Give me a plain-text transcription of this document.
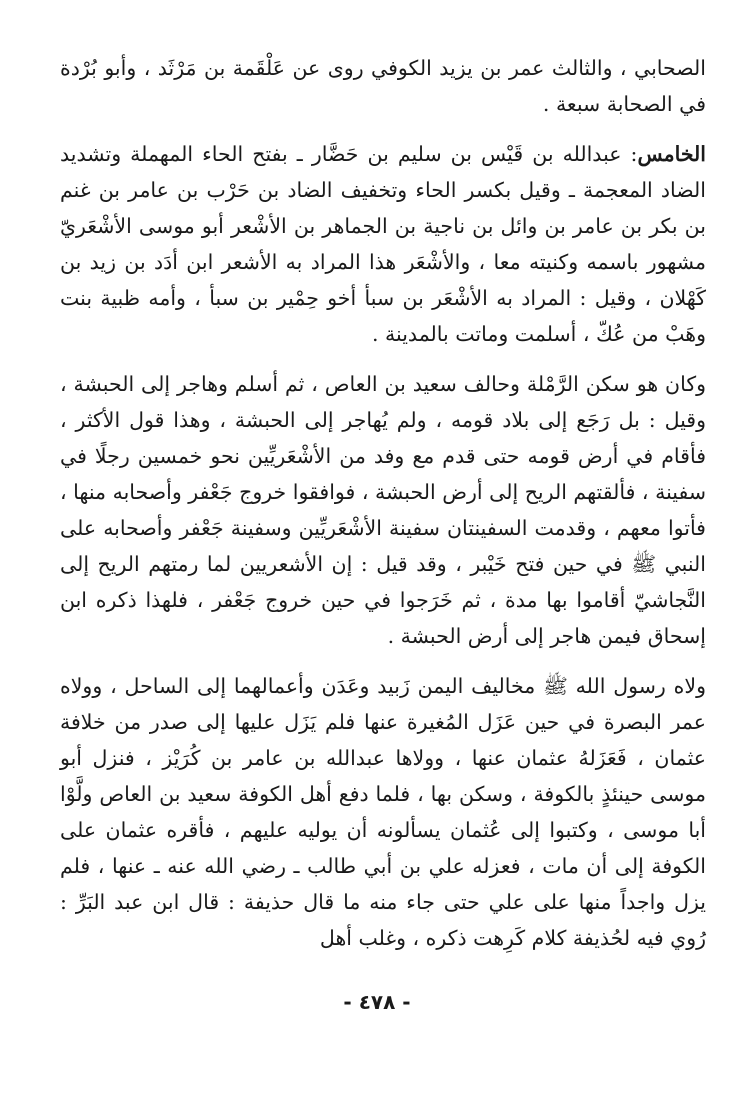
الصحابي ، والثالث عمر بن يزيد الكوفي روى عن عَلْقَمة بن مَرْثَد ، وأبو بُرْدة في الصحابة سبعة .

الخامس: عبدالله بن قَيْس بن سليم بن حَضَّار ـ بفتح الحاء المهملة وتشديد الضاد المعجمة ـ وقيل بكسر الحاء وتخفيف الضاد بن حَرْب بن عامر بن غنم بن بكر بن عامر بن وائل بن ناجية بن الجماهر بن الأشْعر أبو موسى الأشْعَريّ مشهور باسمه وكنيته معا ، والأشْعَر هذا المراد به الأشعر ابن أدَد بن زيد بن كَهْلان ، وقيل : المراد به الأشْعَر بن سبأ أخو حِمْير بن سبأ ، وأمه ظبية بنت وهَبْ من عُكّ ، أسلمت وماتت بالمدينة .

وكان هو سكن الرَّمْلة وحالف سعيد بن العاص ، ثم أسلم وهاجر إلى الحبشة ، وقيل : بل رَجَع إلى بلاد قومه ، ولم يُهاجر إلى الحبشة ، وهذا قول الأكثر ، فأقام في أرض قومه حتى قدم مع وفد من الأشْعَريِّين نحو خمسين رجلًا في سفينة ، فألقتهم الريح إلى أرض الحبشة ، فوافقوا خروج جَعْفر وأصحابه منها ، فأتوا معهم ، وقدمت السفينتان سفينة الأشْعَريِّين وسفينة جَعْفر وأصحابه على النبي ﷺ في حين فتح خَيْبر ، وقد قيل : إن الأشعريين لما رمتهم الريح إلى النَّجاشيّ أقاموا بها مدة ، ثم خَرَجوا في حين خروج جَعْفر ، فلهذا ذكره ابن إسحاق فيمن هاجر إلى أرض الحبشة .

ولاه رسول الله ﷺ مخاليف اليمن زَبيد وعَدَن وأعمالهما إلى الساحل ، وولاه عمر البصرة في حين عَزَل المُغيرة عنها فلم يَزَل عليها إلى صدر من خلافة عثمان ، فَعَزَلهُ عثمان عنها ، وولاها عبدالله بن عامر بن كُرَيْز ، فنزل أبو موسى حينئذٍ بالكوفة ، وسكن بها ، فلما دفع أهل الكوفة سعيد بن العاص ولَّوْا أبا موسى ، وكتبوا إلى عُثمان يسألونه أن يوليه عليهم ، فأقره عثمان على الكوفة إلى أن مات ، فعزله علي بن أبي طالب ـ رضي الله عنه ـ عنها ، فلم يزل واجداً منها على علي حتى جاء منه ما قال حذيفة : قال ابن عبد البَرِّ : رُوي فيه لحُذيفة كلام كَرِهت ذكره ، وغلب أهل

- ٤٧٨ -
